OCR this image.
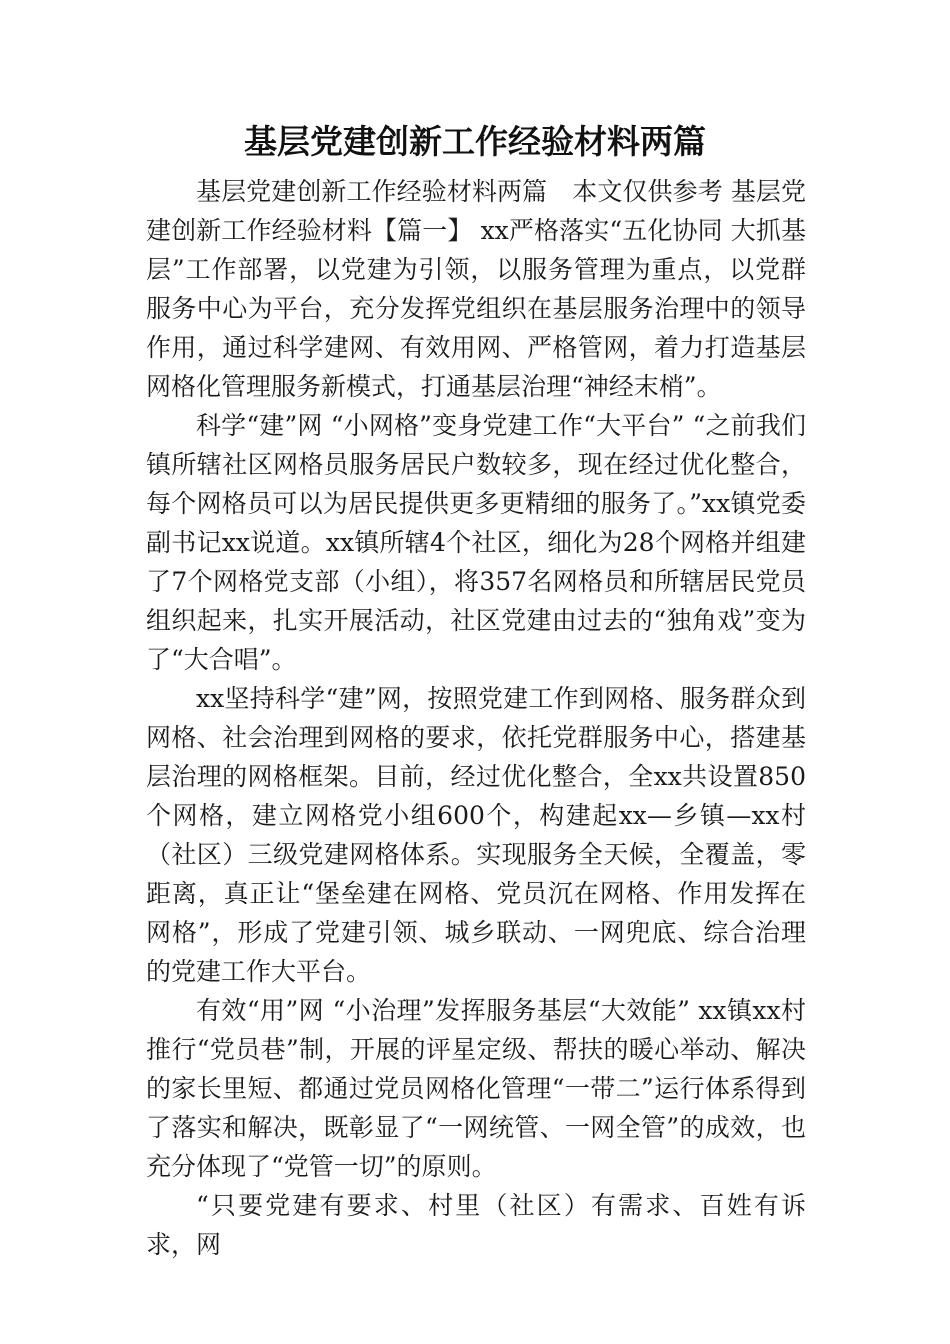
基层党建创新工作经验材料两篇

基层党建创新工作经验材料两篇　本文仅供参考 基层党建创新工作经验材料【篇一】 xx严格落实“五化协同 大抓基层”工作部署，以党建为引领，以服务管理为重点，以党群服务中心为平台，充分发挥党组织在基层服务治理中的领导作用，通过科学建网、有效用网、严格管网，着力打造基层网格化管理服务新模式，打通基层治理“神经末梢”。

科学“建”网 “小网格”变身党建工作“大平台” “之前我们镇所辖社区网格员服务居民户数较多，现在经过优化整合，每个网格员可以为居民提供更多更精细的服务了。”xx镇党委副书记xx说道。xx镇所辖4个社区，细化为28个网格并组建了7个网格党支部（小组），将357名网格员和所辖居民党员组织起来，扎实开展活动，社区党建由过去的“独角戏”变为了“大合唱”。

xx坚持科学“建”网，按照党建工作到网格、服务群众到网格、社会治理到网格的要求，依托党群服务中心，搭建基层治理的网格框架。目前，经过优化整合，全xx共设置850个网格，建立网格党小组600个，构建起xx—乡镇—xx村（社区）三级党建网格体系。实现服务全天候，全覆盖，零距离，真正让“堡垒建在网格、党员沉在网格、作用发挥在网格”，形成了党建引领、城乡联动、一网兜底、综合治理的党建工作大平台。

有效“用”网 “小治理”发挥服务基层“大效能” xx镇xx村推行“党员巷”制，开展的评星定级、帮扶的暖心举动、解决的家长里短、都通过党员网格化管理“一带二”运行体系得到了落实和解决，既彰显了“一网统管、一网全管”的成效，也充分体现了“党管一切”的原则。

“只要党建有要求、村里（社区）有需求、百姓有诉求，网
